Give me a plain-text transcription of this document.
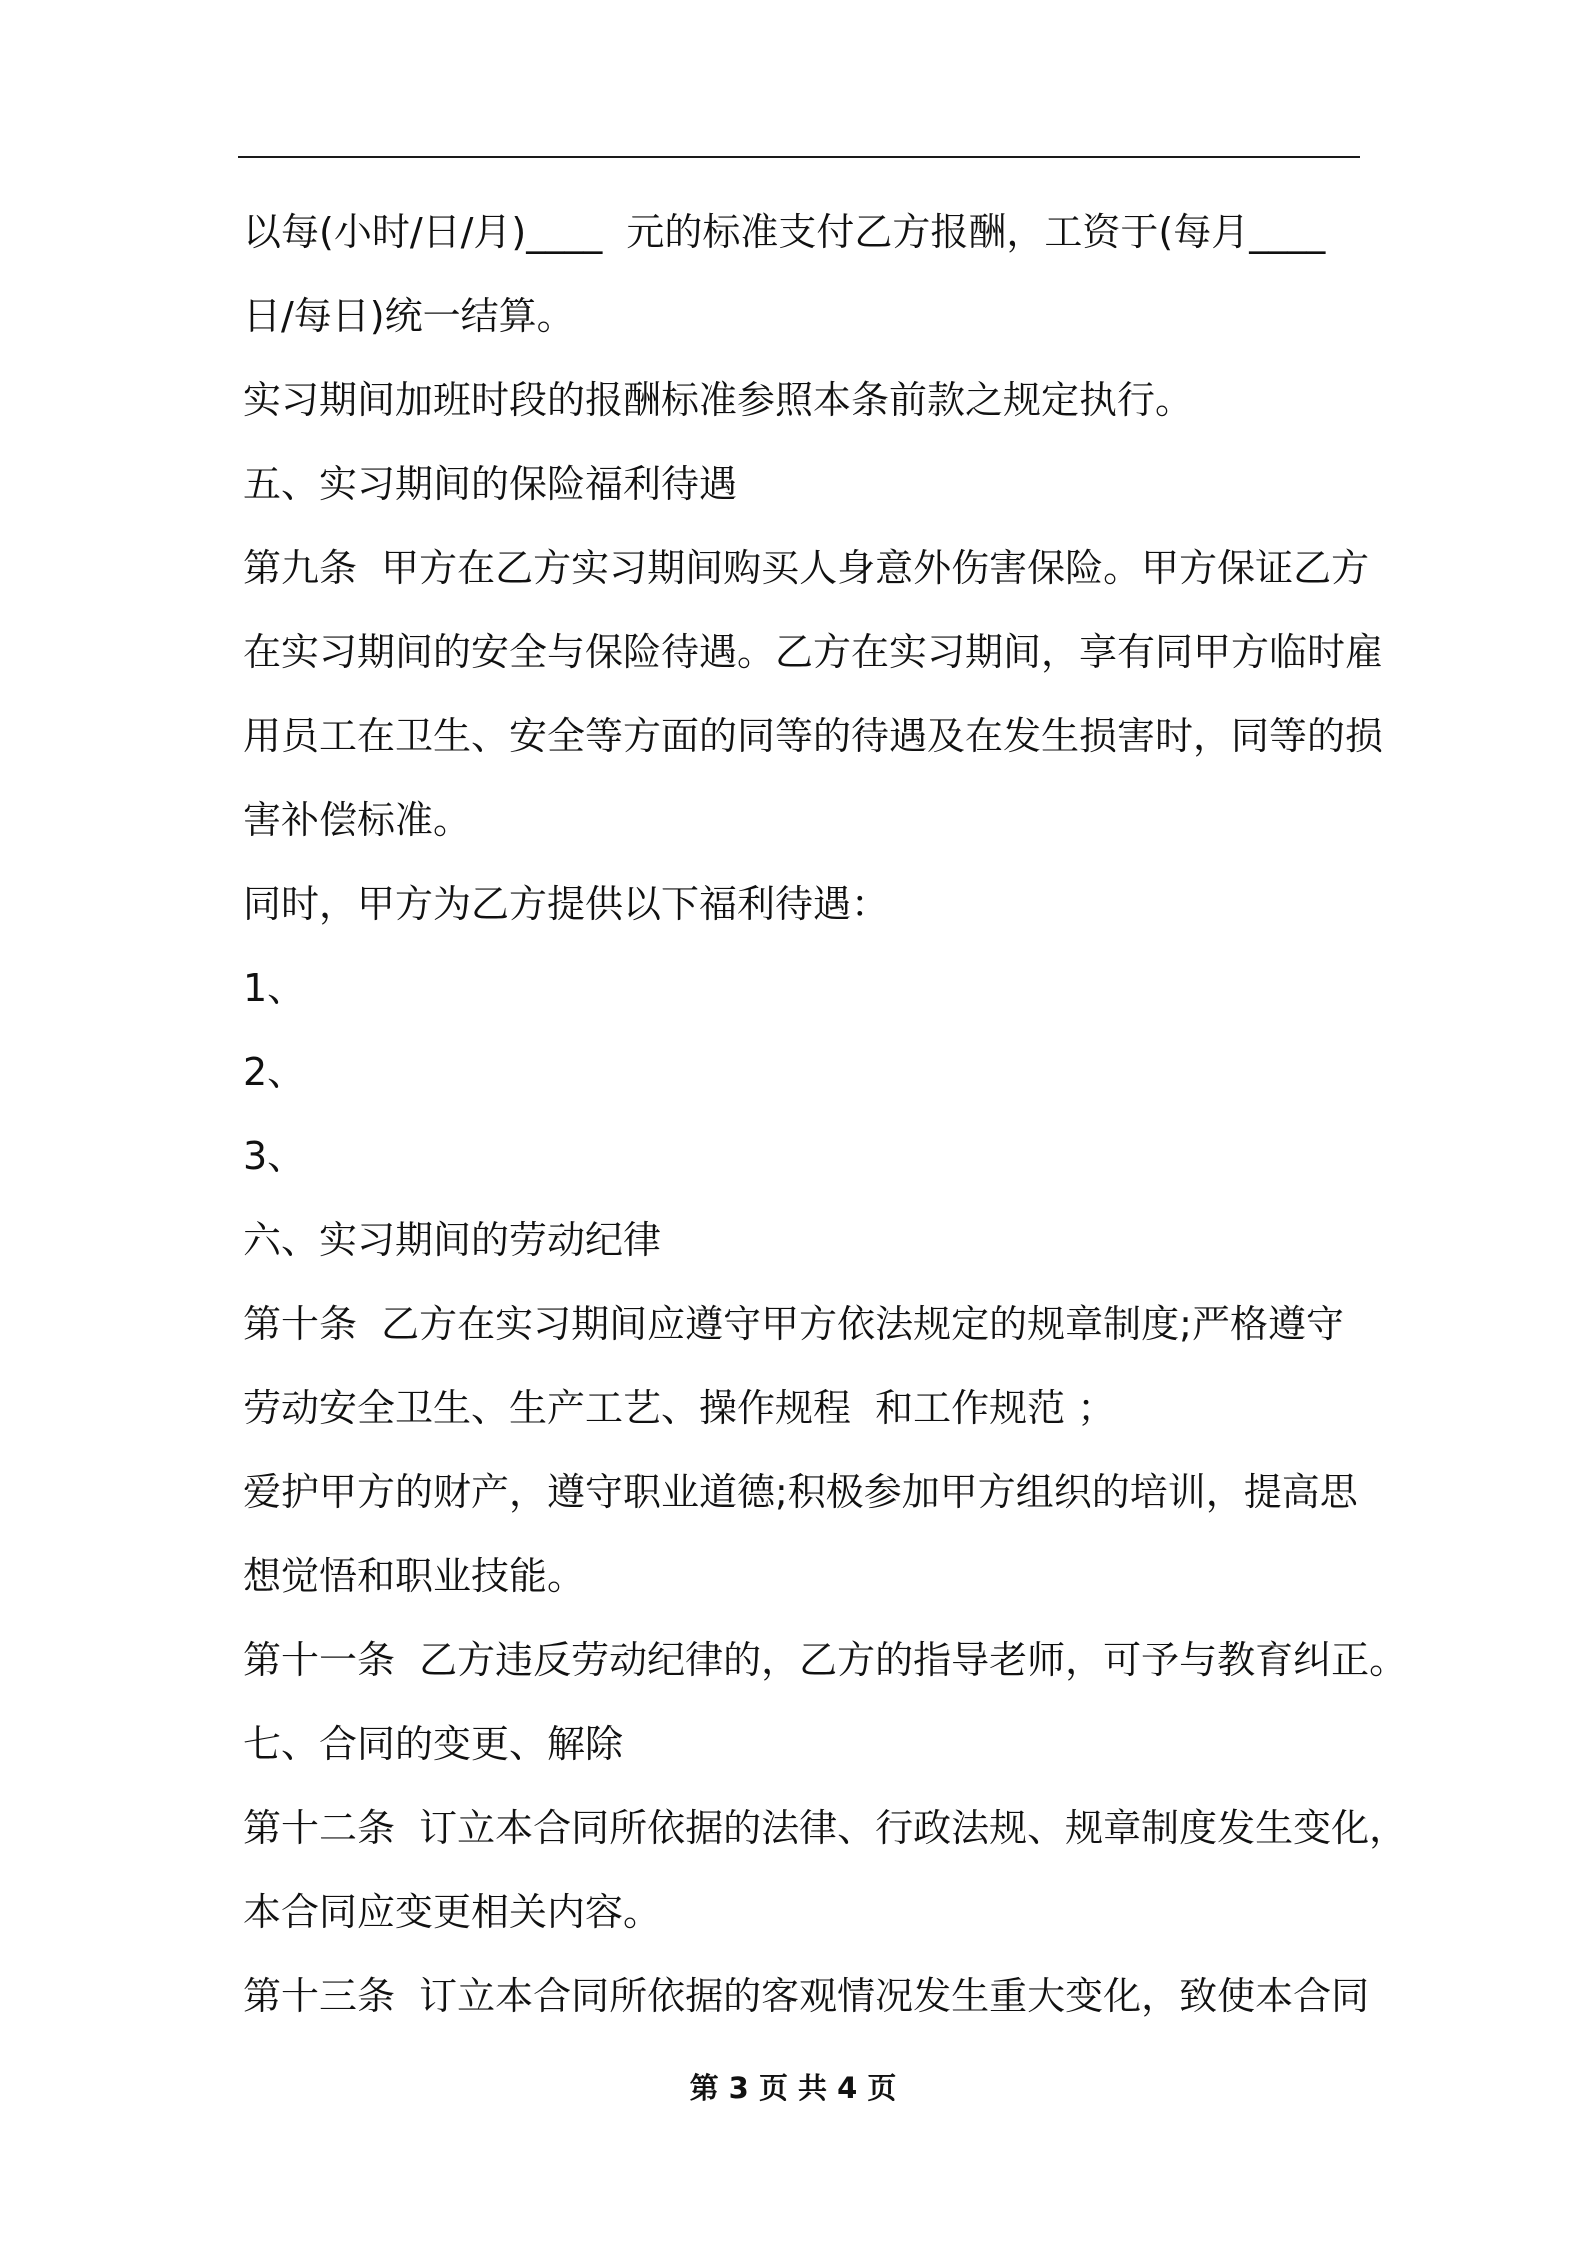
以每(小时/日/月)____  元的标准支付乙方报酬，工资于(每月____
日/每日)统一结算。
实习期间加班时段的报酬标准参照本条前款之规定执行。
五、实习期间的保险福利待遇
第九条  甲方在乙方实习期间购买人身意外伤害保险。甲方保证乙方
在实习期间的安全与保险待遇。乙方在实习期间，享有同甲方临时雇
用员工在卫生、安全等方面的同等的待遇及在发生损害时，同等的损
害补偿标准。
同时，甲方为乙方提供以下福利待遇：
1、
2、
3、
六、实习期间的劳动纪律
第十条  乙方在实习期间应遵守甲方依法规定的规章制度;严格遵守
劳动安全卫生、生产工艺、操作规程  和工作规范 ；
爱护甲方的财产，遵守职业道德;积极参加甲方组织的培训，提高思
想觉悟和职业技能。
第十一条  乙方违反劳动纪律的，乙方的指导老师，可予与教育纠正。
七、合同的变更、解除
第十二条  订立本合同所依据的法律、行政法规、规章制度发生变化，
本合同应变更相关内容。
第十三条  订立本合同所依据的客观情况发生重大变化，致使本合同
第 3 页 共 4 页
